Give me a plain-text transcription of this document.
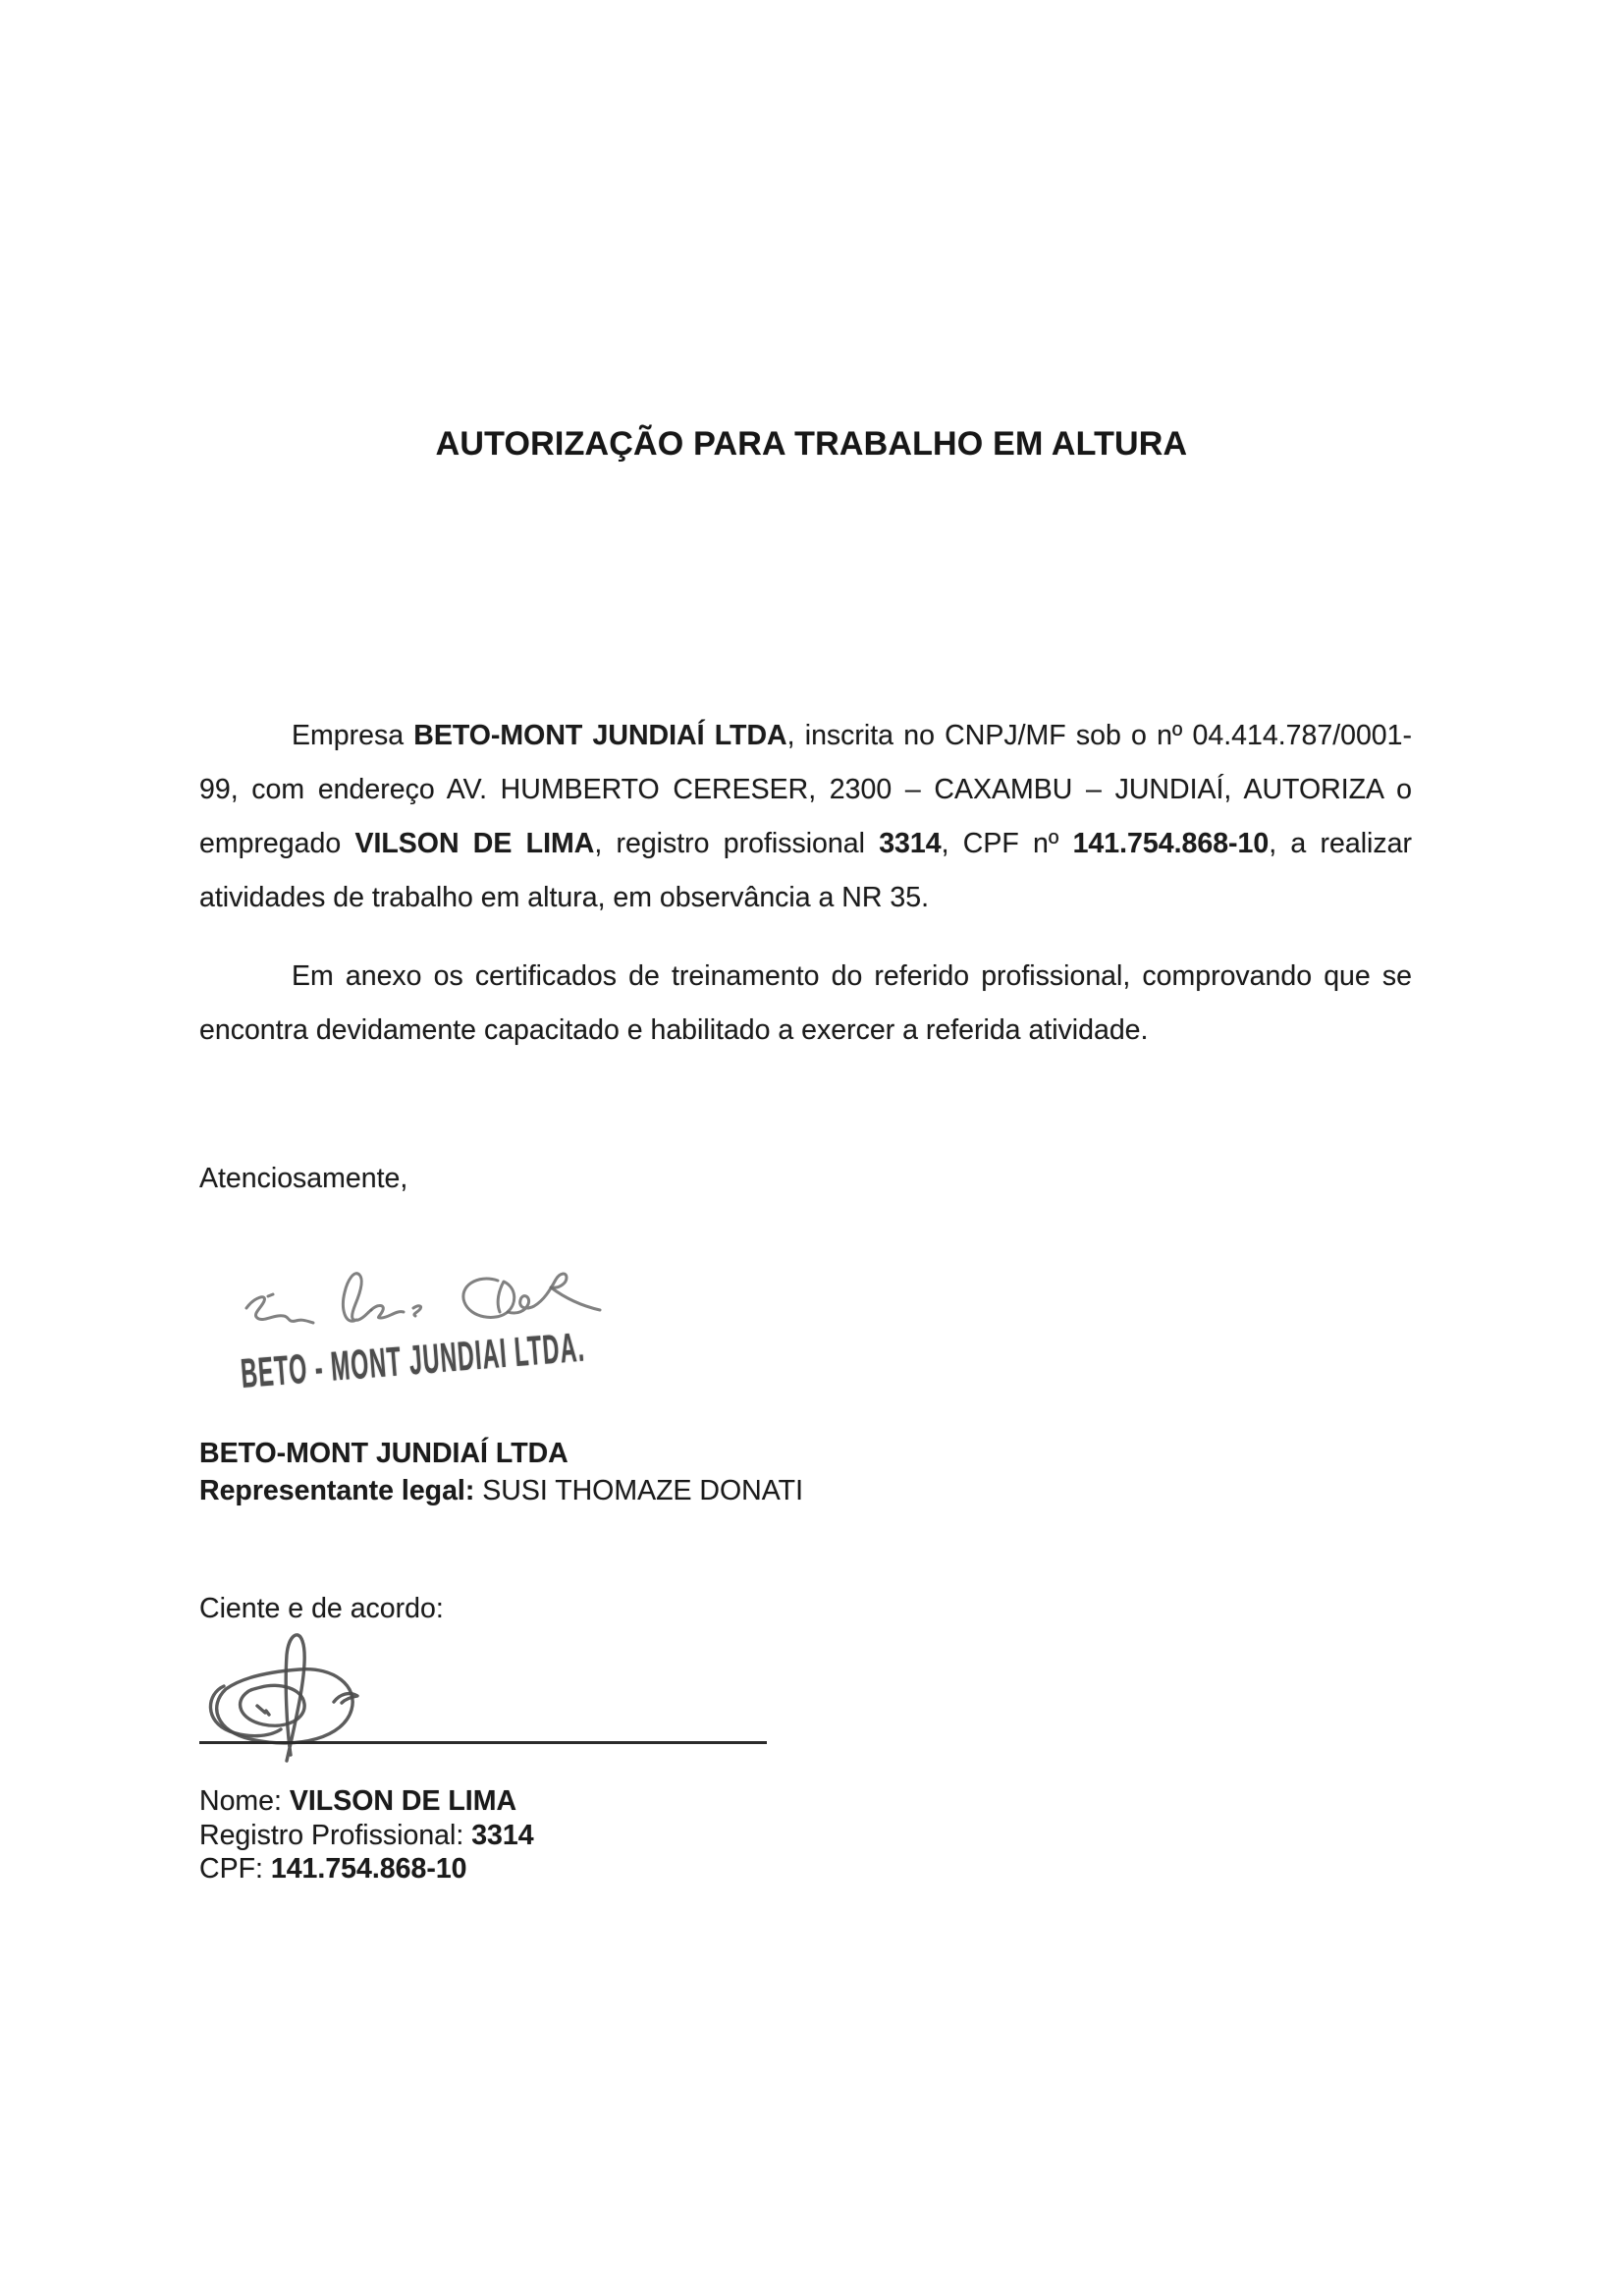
AUTORIZAÇÃO PARA TRABALHO EM ALTURA
Empresa BETO-MONT JUNDIAÍ LTDA, inscrita no CNPJ/MF sob o nº 04.414.787/0001-99, com endereço AV. HUMBERTO CERESER, 2300 – CAXAMBU – JUNDIAÍ, AUTORIZA o empregado VILSON DE LIMA, registro profissional 3314, CPF nº 141.754.868-10, a realizar atividades de trabalho em altura, em observância a NR 35.
Em anexo os certificados de treinamento do referido profissional, comprovando que se encontra devidamente capacitado e habilitado a exercer a referida atividade.
Atenciosamente,
BETO - MONT JUNDIAI LTDA.
BETO-MONT JUNDIAÍ LTDA
Representante legal: SUSI THOMAZE DONATI
Ciente e de acordo:
Nome: VILSON DE LIMA
Registro Profissional: 3314
CPF: 141.754.868-10
